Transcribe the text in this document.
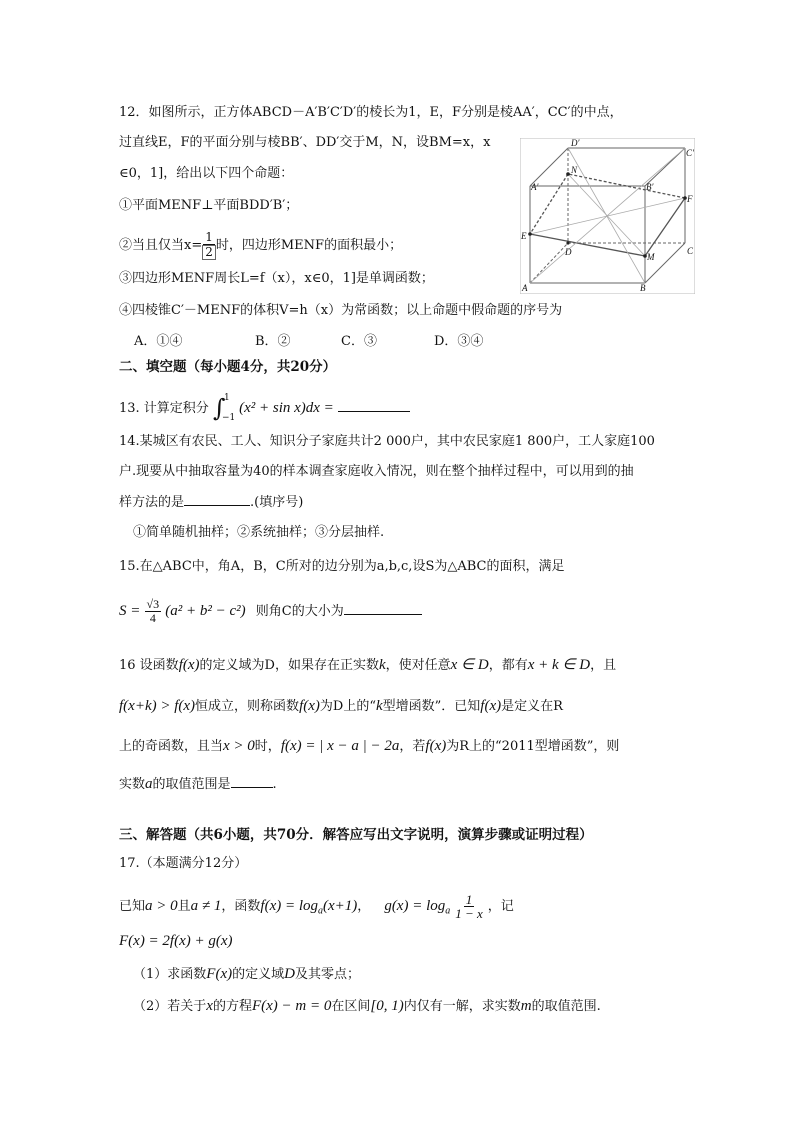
12．如图所示，正方体ABCD－A′B′C′D′的棱长为1，E，F分别是棱AA′，CC′的中点，
过直线E，F的平面分别与棱BB′、DD′交于M，N，设BM=x，x
∈0，1]，给出以下四个命题：
①平面MENF⊥平面BDD′B′；
②当且仅当$x= \frac{1}{2}$ 时，四边形MENF的面积最小；
③四边形MENF周长L=f（x），x∈0，1]是单调函数；
④四棱锥C′－MENF的体积V=h（x）为常函数；以上命题中假命题的序号为
A．①④	B．②	C．③	D．③④
D′
C′
N
A′	B′
F
E
D	M
C
A	B
二、填空题（每小题4分，共20分）
13. 计算定积分 ∫
1
−1
(x² + sin x)dx =
14.某城区有农民、工人、知识分子家庭共计2 000户，其中农民家庭1 800户，工人家庭100
户.现要从中抽取容量为40的样本调查家庭收入情况，则在整个抽样过程中，可以用到的抽
样方法的是	.(填序号)
①简单随机抽样；②系统抽样；③分层抽样.
15.在△ABC中，角A，B，C所对的边分别为a,b,c,设S为△ABC的面积，满足
$S = \frac{√3}{4} (a^2 + b^2 - c^2)$ 则角C的大小为
16 设函数f(x)的定义域为D，如果存在正实数k，使对任意x ∈ D，都有x + k ∈ D，且
f(x+k) > f(x)恒成立，则称函数f(x)为D上的“k型增函数”．已知f(x)是定义在R
上的奇函数，且当x > 0时，f(x) = | x − a | − 2a，若f(x)为R上的“2011型增函数”，则
实数a的取值范围是	.
三、解答题（共6小题，共70分．解答应写出文字说明，演算步骤或证明过程）
17.（本题满分12分）
已知a > 0且a ≠ 1，函数$f(x) = \log_a(x+1)$， $g(x) = \log_a \frac{1}{1 - x}$ ，记
F(x) = 2f(x) + g(x)
（1）求函数F(x)的定义域D及其零点；
（2）若关于x的方程F(x) − m = 0在区间[0, 1)内仅有一解，求实数m的取值范围.
